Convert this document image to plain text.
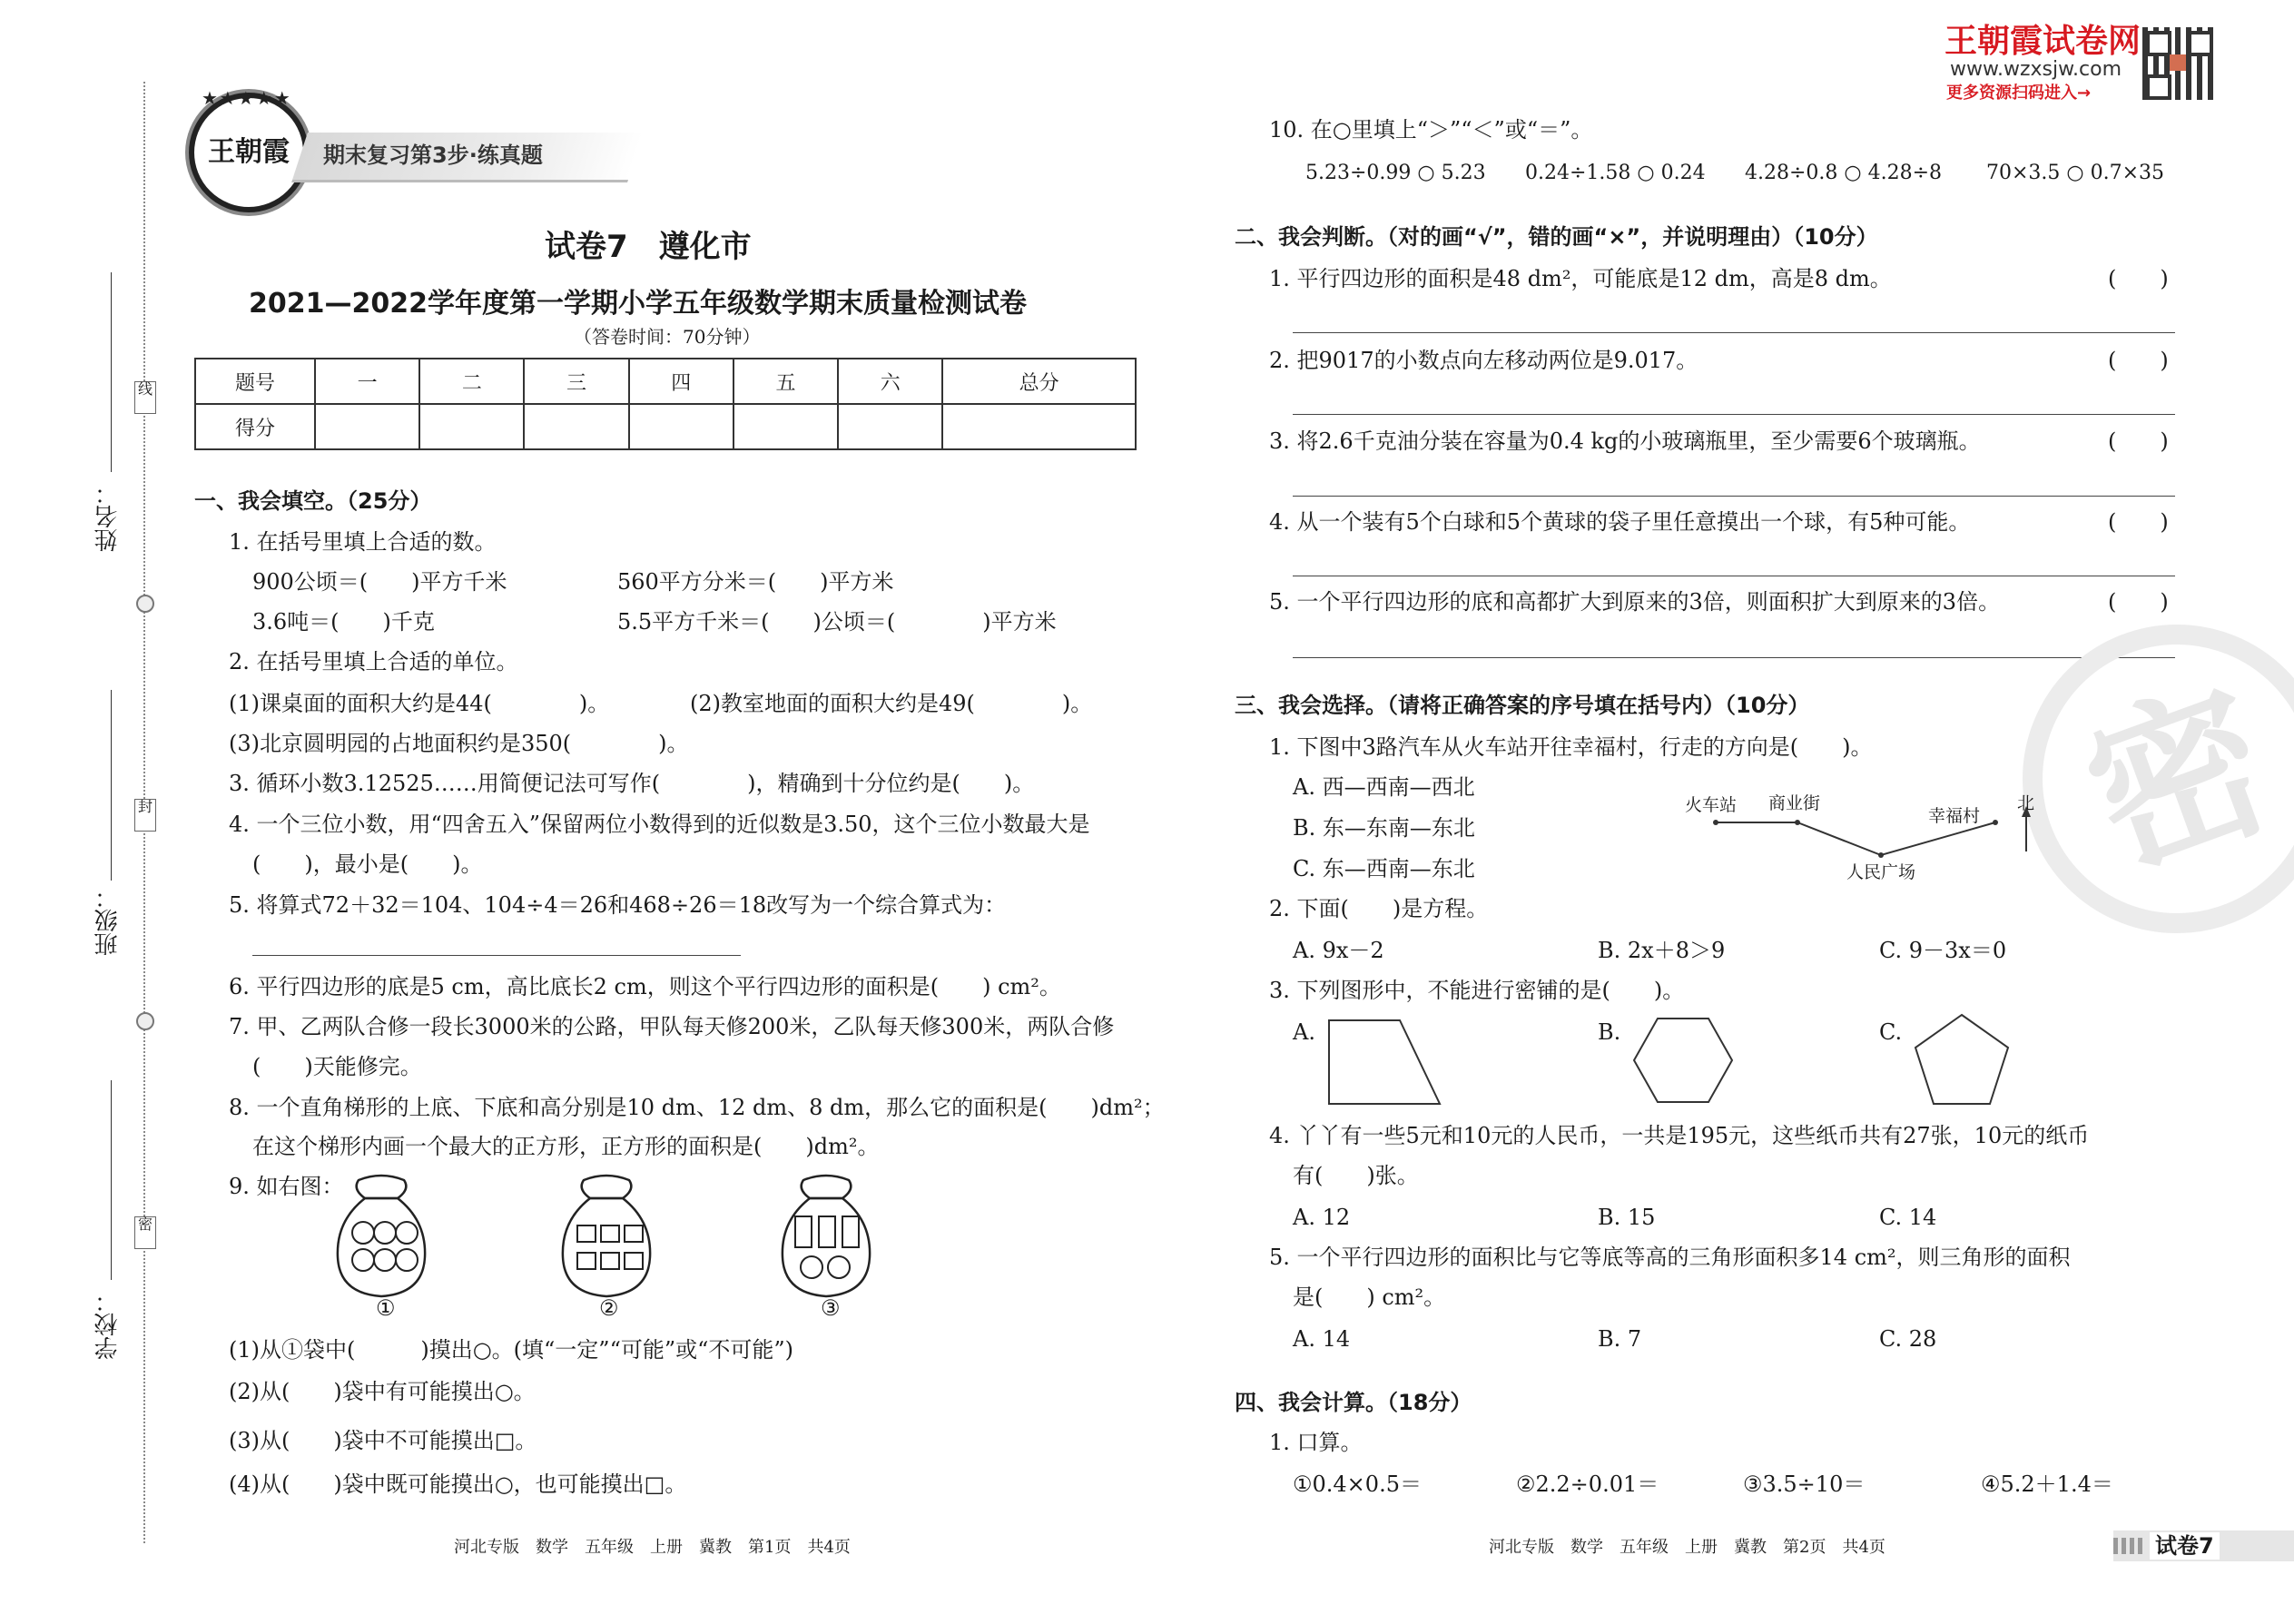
线
封
密
姓名：
班级：
学校：
王朝霞
★★★★★
期末复习第3步·练真题
王朝霞试卷网
www.wzxsjw.com
更多资源扫码进入→
试卷7　遵化市
2021—2022学年度第一学期小学五年级数学期末质量检测试卷
（答卷时间：70分钟）
题号	一	二	三	四	五	六	总分
得分							
一、我会填空。（25分）
1. 在括号里填上合适的数。
900公顷＝(　　)平方千米	560平方分米＝(　　)平方米
3.6吨＝(　　)千克	5.5平方千米＝(　　)公顷＝(　　　　)平方米
2. 在括号里填上合适的单位。
(1)课桌面的面积大约是44(　　　　)。	(2)教室地面的面积大约是49(　　　　)。
(3)北京圆明园的占地面积约是350(　　　　)。
3. 循环小数3.12525……用简便记法可写作(　　　　)，精确到十分位约是(　　)。
4. 一个三位小数，用“四舍五入”保留两位小数得到的近似数是3.50，这个三位小数最大是
(　　)，最小是(　　)。
5. 将算式72＋32＝104、104÷4＝26和468÷26＝18改写为一个综合算式为：
6. 平行四边形的底是5 cm，高比底长2 cm，则这个平行四边形的面积是(　　) cm²。
7. 甲、乙两队合修一段长3000米的公路，甲队每天修200米，乙队每天修300米，两队合修
(　　)天能修完。
8. 一个直角梯形的上底、下底和高分别是10 dm、12 dm、8 dm，那么它的面积是(　　)dm²；
在这个梯形内画一个最大的正方形，正方形的面积是(　　)dm²。
9. 如右图：
①	②	③
(1)从①袋中(　　　)摸出○。(填“一定”“可能”或“不可能”)
(2)从(　　)袋中有可能摸出○。
(3)从(　　)袋中不可能摸出□。
(4)从(　　)袋中既可能摸出○，也可能摸出□。
河北专版　数学　五年级　上册　冀教　第1页　共4页
10. 在○里填上“＞”“＜”或“＝”。
5.23÷0.99 ○ 5.23 0.24÷1.58 ○ 0.24 4.28÷0.8 ○ 4.28÷8 70×3.5 ○ 0.7×35
二、我会判断。（对的画“√”，错的画“×”，并说明理由）（10分）
1. 平行四边形的面积是48 dm²，可能底是12 dm，高是8 dm。	(　　)
2. 把9017的小数点向左移动两位是9.017。	(　　)
3. 将2.6千克油分装在容量为0.4 kg的小玻璃瓶里，至少需要6个玻璃瓶。	(　　)
4. 从一个装有5个白球和5个黄球的袋子里任意摸出一个球，有5种可能。	(　　)
5. 一个平行四边形的底和高都扩大到原来的3倍，则面积扩大到原来的3倍。	(　　)
密
三、我会选择。（请将正确答案的序号填在括号内）（10分）
1. 下图中3路汽车从火车站开往幸福村，行走的方向是(　　)。
A. 西—西南—西北
B. 东—东南—东北
C. 东—西南—东北
火车站 商业街
人民广场
幸福村
北
2. 下面(　　)是方程。
A. 9x－2	B. 2x＋8＞9	C. 9－3x＝0
3. 下列图形中，不能进行密铺的是(　　)。
A.	B.	C.
4. 丫丫有一些5元和10元的人民币，一共是195元，这些纸币共有27张，10元的纸币
有(　　)张。
A. 12	B. 15	C. 14
5. 一个平行四边形的面积比与它等底等高的三角形面积多14 cm²，则三角形的面积
是(　　) cm²。
A. 14	B. 7	C. 28
四、我会计算。（18分）
1. 口算。
①0.4×0.5＝	②2.2÷0.01＝	③3.5÷10＝	④5.2＋1.4＝
河北专版　数学　五年级　上册　冀教　第2页　共4页	试卷7
